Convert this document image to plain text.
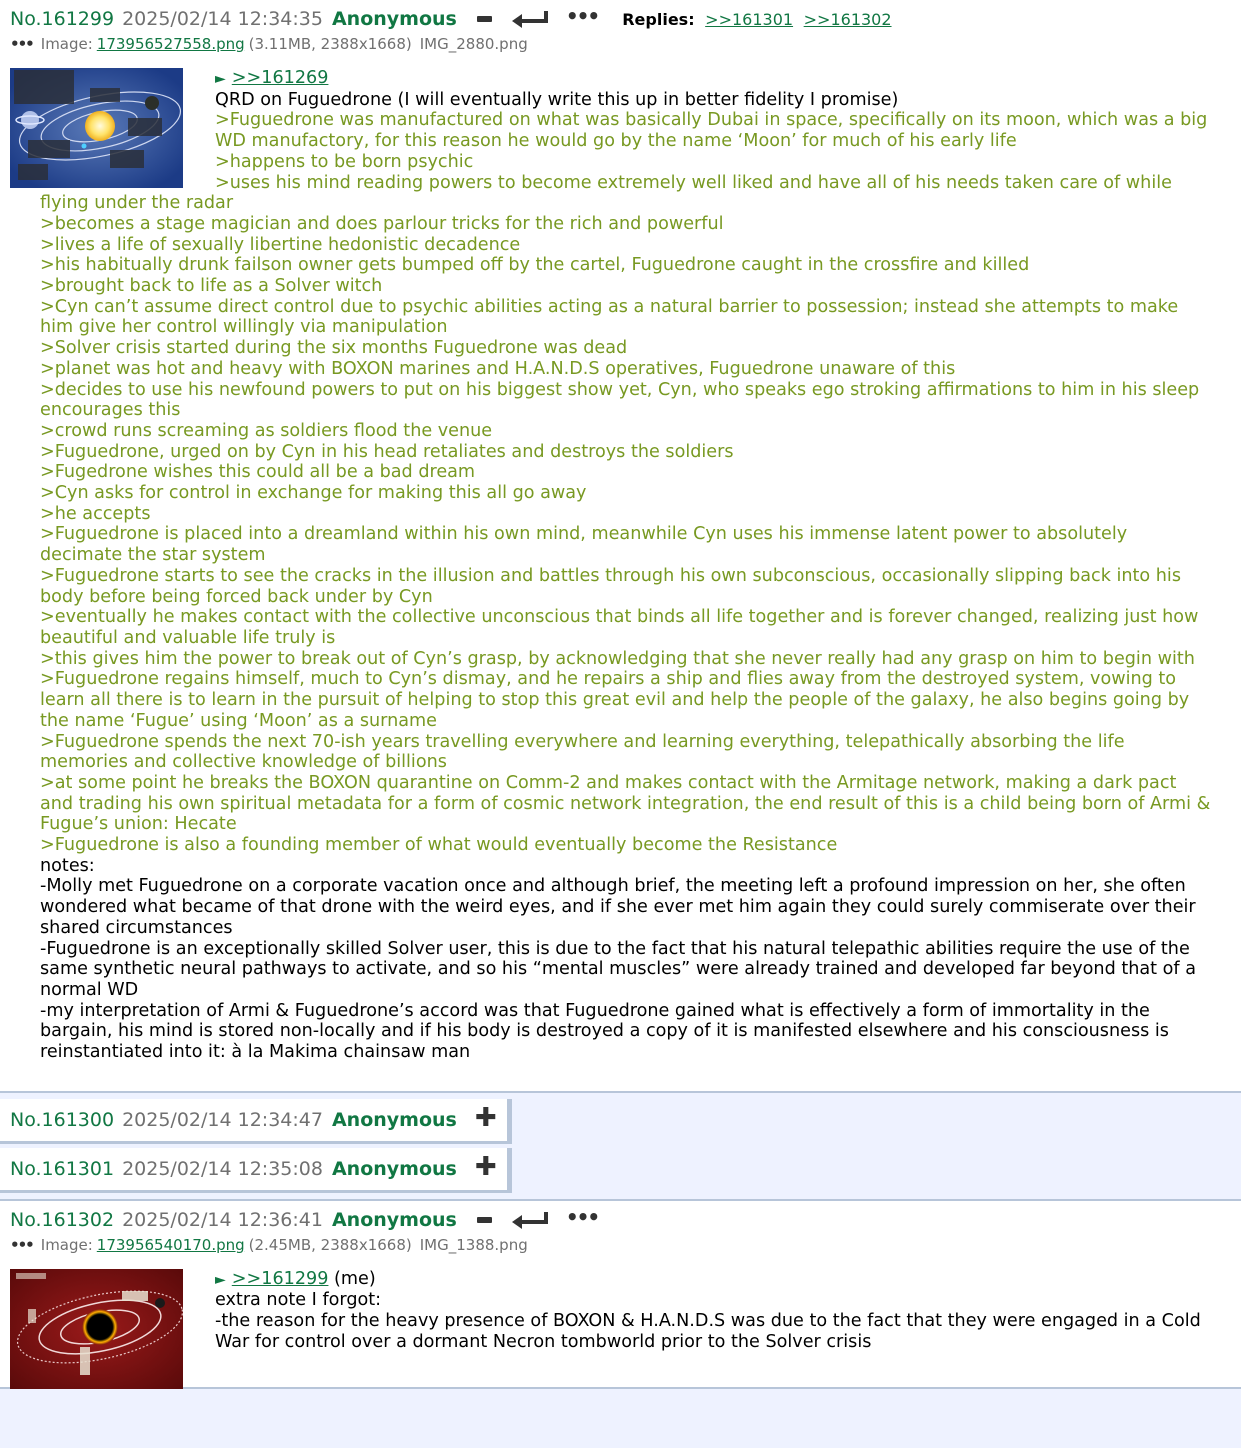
No.161299 2025/02/14 12:34:35 Anonymous	••• Replies: >>161301 >>161302
••• Image: 173956527558.png (3.11MB, 2388x1668) IMG_2880.png
► >>161269
QRD on Fuguedrone (I will eventually write this up in better fidelity I promise)
>Fuguedrone was manufactured on what was basically Dubai in space, specifically on its moon, which was a big WD manufactory, for this reason he would go by the name ‘Moon’ for much of his early life
>happens to be born psychic
>uses his mind reading powers to become extremely well liked and have all of his needs taken care of while flying under the radar
>becomes a stage magician and does parlour tricks for the rich and powerful
>lives a life of sexually libertine hedonistic decadence
>his habitually drunk failson owner gets bumped off by the cartel, Fuguedrone caught in the crossfire and killed
>brought back to life as a Solver witch
>Cyn can’t assume direct control due to psychic abilities acting as a natural barrier to possession; instead she attempts to make him give her control willingly via manipulation
>Solver crisis started during the six months Fuguedrone was dead
>planet was hot and heavy with BOXON marines and H.A.N.D.S operatives, Fuguedrone unaware of this
>decides to use his newfound powers to put on his biggest show yet, Cyn, who speaks ego stroking affirmations to him in his sleep encourages this
>crowd runs screaming as soldiers flood the venue
>Fuguedrone, urged on by Cyn in his head retaliates and destroys the soldiers
>Fugedrone wishes this could all be a bad dream
>Cyn asks for control in exchange for making this all go away
>he accepts
>Fuguedrone is placed into a dreamland within his own mind, meanwhile Cyn uses his immense latent power to absolutely decimate the star system
>Fuguedrone starts to see the cracks in the illusion and battles through his own subconscious, occasionally slipping back into his body before being forced back under by Cyn
>eventually he makes contact with the collective unconscious that binds all life together and is forever changed, realizing just how beautiful and valuable life truly is
>this gives him the power to break out of Cyn’s grasp, by acknowledging that she never really had any grasp on him to begin with
>Fuguedrone regains himself, much to Cyn’s dismay, and he repairs a ship and flies away from the destroyed system, vowing to learn all there is to learn in the pursuit of helping to stop this great evil and help the people of the galaxy, he also begins going by the name ‘Fugue’ using ‘Moon’ as a surname
>Fuguedrone spends the next 70-ish years travelling everywhere and learning everything, telepathically absorbing the life memories and collective knowledge of billions
>at some point he breaks the BOXON quarantine on Comm-2 and makes contact with the Armitage network, making a dark pact and trading his own spiritual metadata for a form of cosmic network integration, the end result of this is a child being born of Armi & Fugue’s union: Hecate
>Fuguedrone is also a founding member of what would eventually become the Resistance
notes:
-Molly met Fuguedrone on a corporate vacation once and although brief, the meeting left a profound impression on her, she often wondered what became of that drone with the weird eyes, and if she ever met him again they could surely commiserate over their shared circumstances
-Fuguedrone is an exceptionally skilled Solver user, this is due to the fact that his natural telepathic abilities require the use of the same synthetic neural pathways to activate, and so his “mental muscles” were already trained and developed far beyond that of a normal WD
-my interpretation of Armi & Fuguedrone’s accord was that Fuguedrone gained what is effectively a form of immortality in the bargain, his mind is stored non-locally and if his body is destroyed a copy of it is manifested elsewhere and his consciousness is reinstantiated into it: à la Makima chainsaw man
No.161300 2025/02/14 12:34:47 Anonymous ✚
No.161301 2025/02/14 12:35:08 Anonymous ✚
No.161302 2025/02/14 12:36:41 Anonymous	•••
••• Image: 173956540170.png (2.45MB, 2388x1668) IMG_1388.png
► >>161299 (me)
extra note I forgot:
-the reason for the heavy presence of BOXON & H.A.N.D.S was due to the fact that they were engaged in a Cold War for control over a dormant Necron tombworld prior to the Solver crisis
